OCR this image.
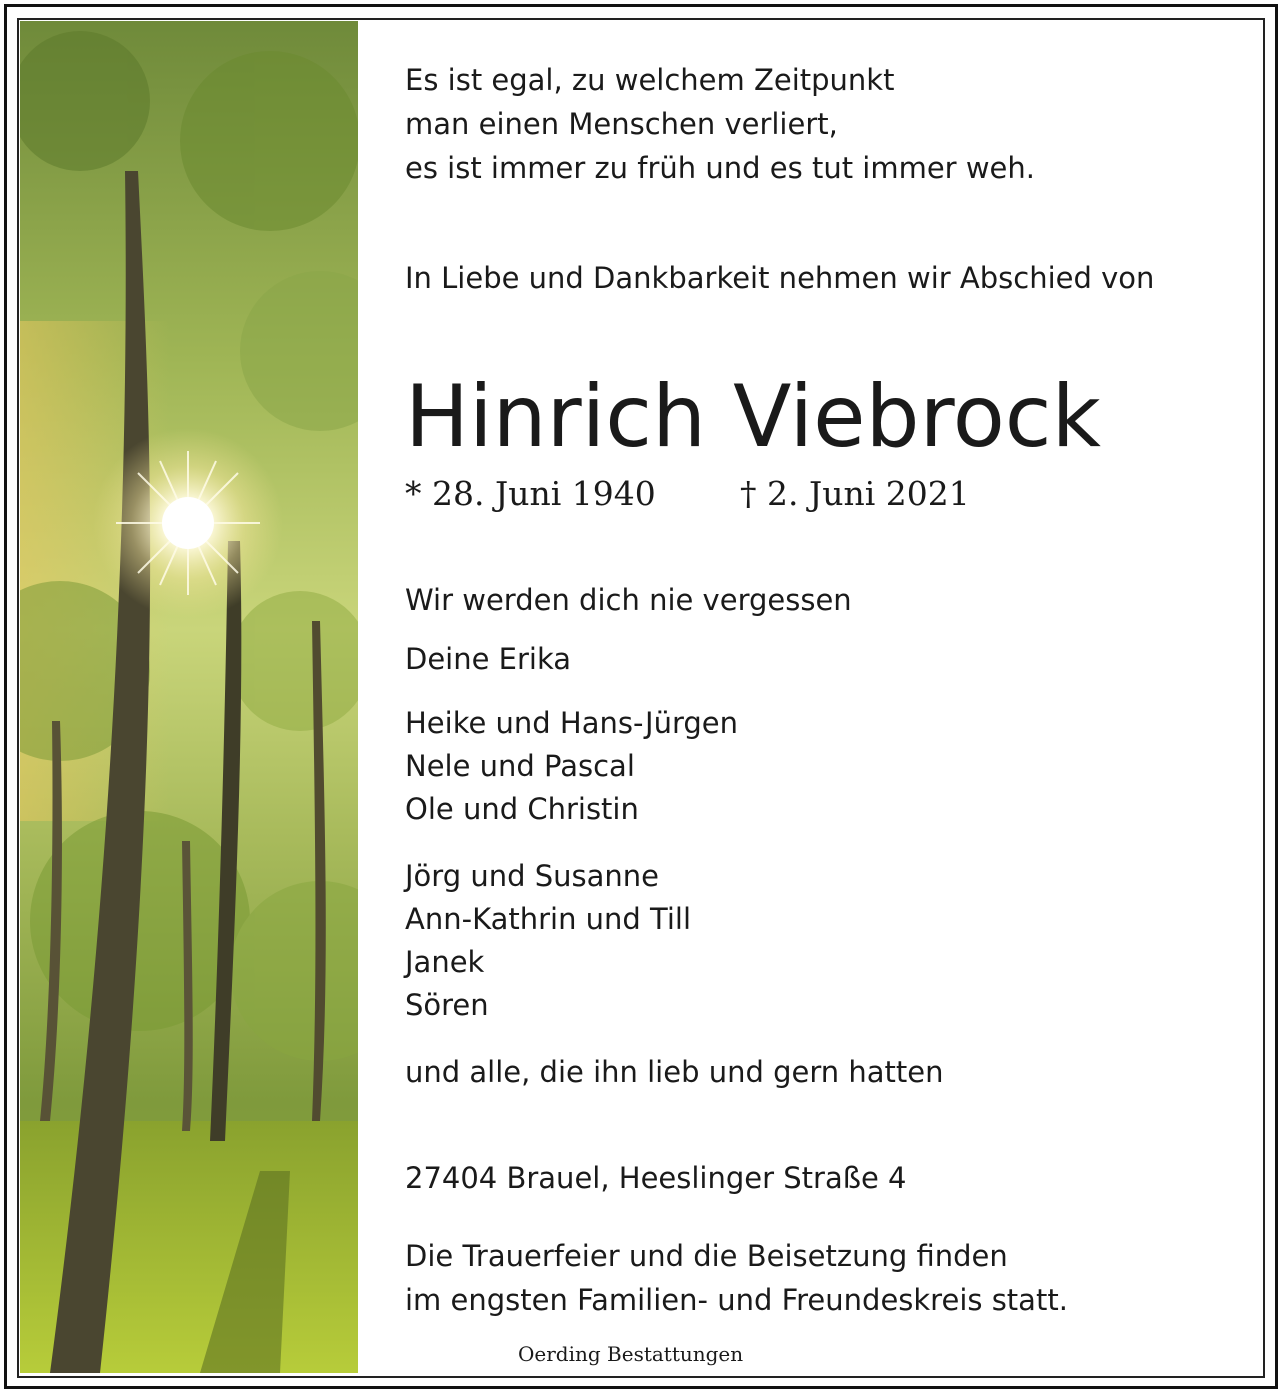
Es ist egal, zu welchem Zeitpunkt
man einen Menschen verliert,
es ist immer zu früh und es tut immer weh.
In Liebe und Dankbarkeit nehmen wir Abschied von
Hinrich Viebrock
* 28. Juni 1940	† 2. Juni 2021
Wir werden dich nie vergessen
Deine Erika
Heike und Hans-Jürgen
Nele und Pascal
Ole und Christin
Jörg und Susanne
Ann-Kathrin und Till
Janek
Sören
und alle, die ihn lieb und gern hatten
27404 Brauel, Heeslinger Straße 4
Die Trauerfeier und die Beisetzung finden
im engsten Familien- und Freundeskreis statt.
Oerding Bestattungen
